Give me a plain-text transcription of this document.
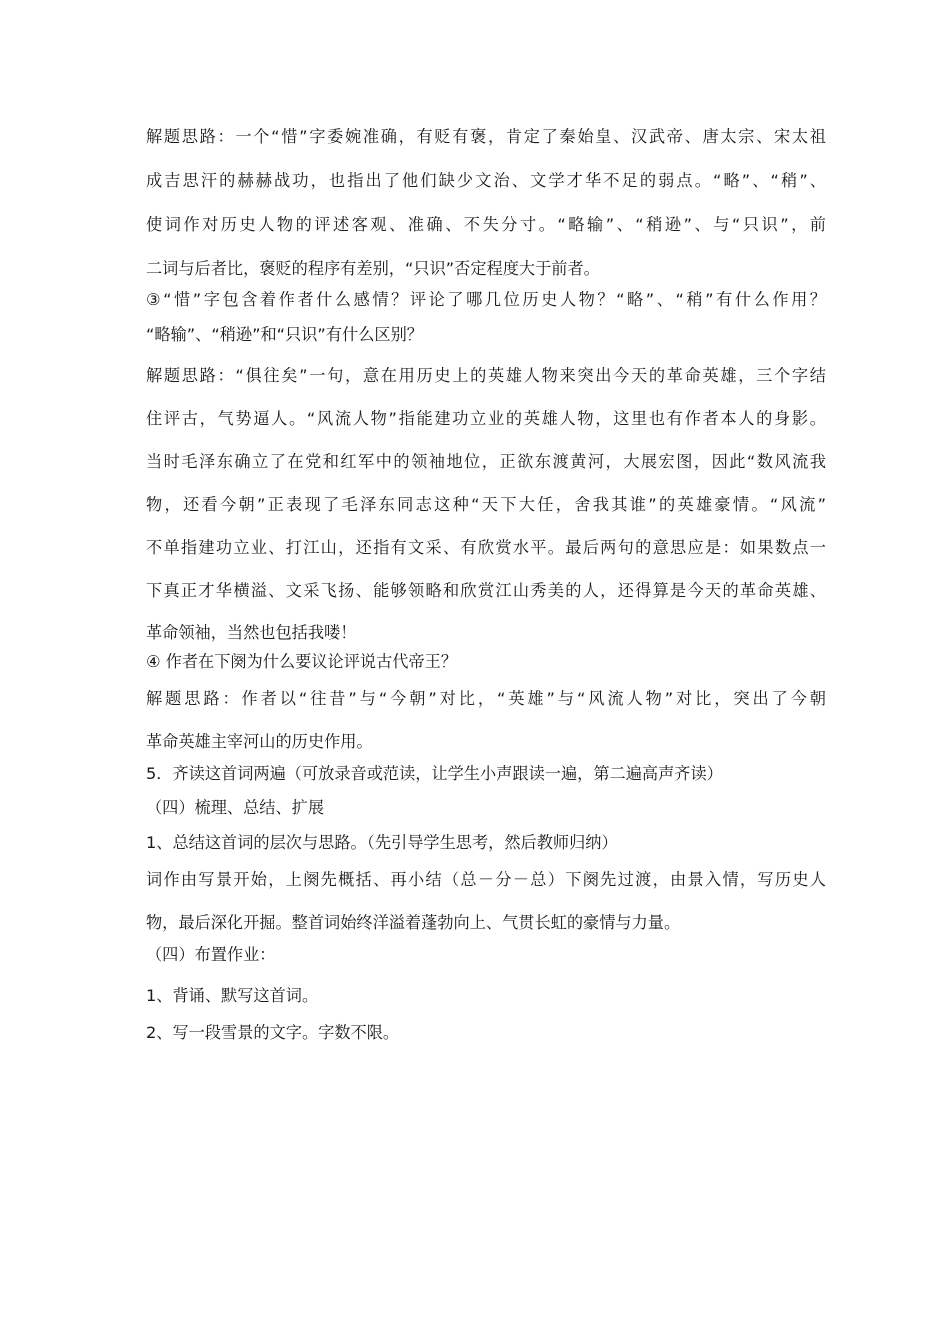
解题思路：一个“惜”字委婉准确，有贬有褒，肯定了秦始皇、汉武帝、唐太宗、宋太祖
成吉思汗的赫赫战功，也指出了他们缺少文治、文学才华不足的弱点。“略”、“稍”、
使词作对历史人物的评述客观、准确、不失分寸。“略输”、“稍逊”、与“只识”，前
二词与后者比，褒贬的程序有差别，“只识”否定程度大于前者。
③“惜”字包含着作者什么感情？评论了哪几位历史人物？“略”、“稍”有什么作用？
“略输”、“稍逊”和“只识”有什么区别？
解题思路：“俱往矣”一句，意在用历史上的英雄人物来突出今天的革命英雄，三个字结
住评古，气势逼人。“风流人物”指能建功立业的英雄人物，这里也有作者本人的身影。
当时毛泽东确立了在党和红军中的领袖地位，正欲东渡黄河，大展宏图，因此“数风流我
物，还看今朝”正表现了毛泽东同志这种“天下大任，舍我其谁”的英雄豪情。“风流”
不单指建功立业、打江山，还指有文采、有欣赏水平。最后两句的意思应是：如果数点一
下真正才华横溢、文采飞扬、能够领略和欣赏江山秀美的人，还得算是今天的革命英雄、
革命领袖，当然也包括我喽！
④ 作者在下阕为什么要议论评说古代帝王？
解题思路：作者以“往昔”与“今朝”对比，“英雄”与“风流人物”对比，突出了今朝
革命英雄主宰河山的历史作用。
5．齐读这首词两遍（可放录音或范读，让学生小声跟读一遍，第二遍高声齐读）
（四）梳理、总结、扩展
1、总结这首词的层次与思路。（先引导学生思考，然后教师归纳）
词作由写景开始，上阕先概括、再小结（总－分－总）下阕先过渡，由景入情，写历史人
物，最后深化开掘。整首词始终洋溢着蓬勃向上、气贯长虹的豪情与力量。
（四）布置作业：
1、背诵、默写这首词。
2、写一段雪景的文字。字数不限。
